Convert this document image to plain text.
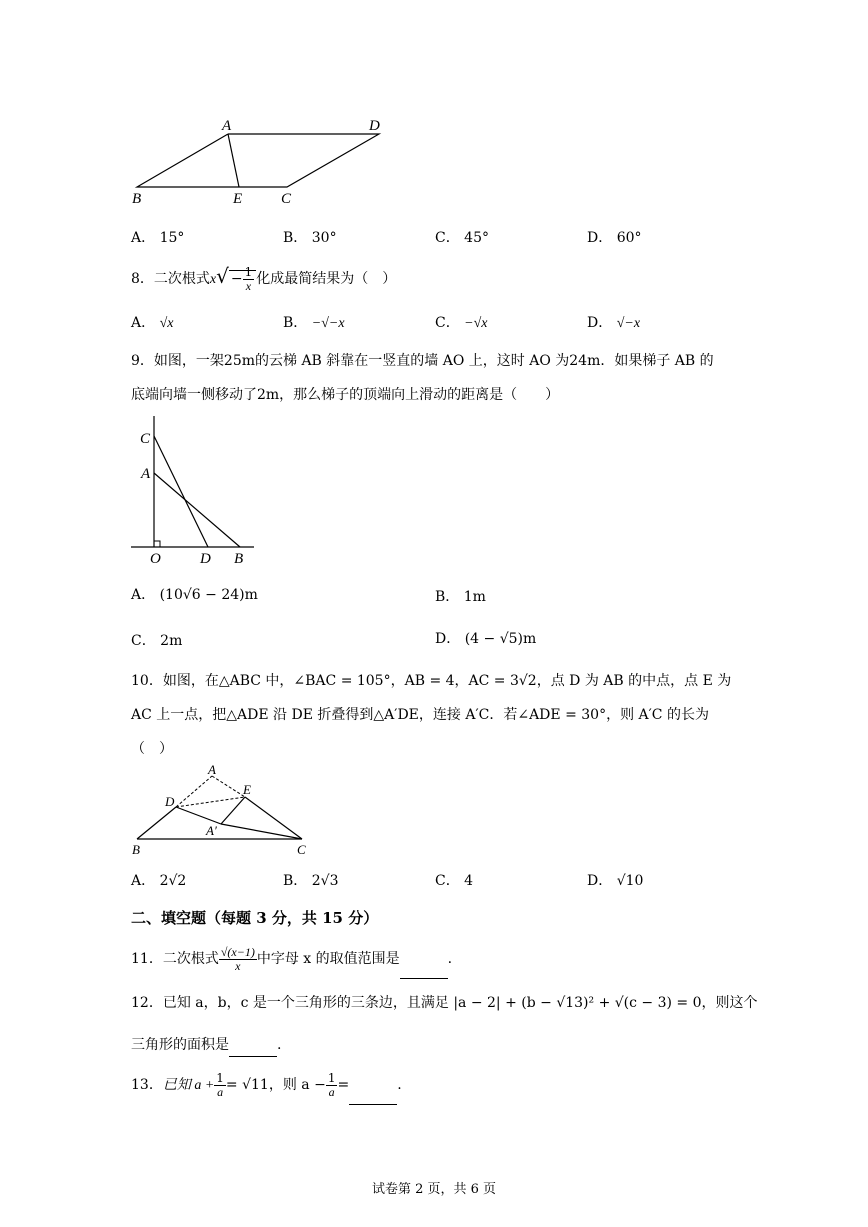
A	D
B	E	C
A． 15°	B． 30°	C． 45°	D． 60°
8．二次根式$x√ - \frac{1}{x}$ 化成最简结果为（　）
A． √x	B． −√−x	C． −√x	D． √−x
9．如图，一架25m的云梯 AB 斜靠在一竖直的墙 AO 上，这时 AO 为24m．如果梯子 AB 的
底端向墙一侧移动了2m，那么梯子的顶端向上滑动的距离是（　　）
C
A
O	D B
A． (10√6 − 24)m	B． 1m
C． 2m	D． (4 − √5)m
10．如图，在△ABC 中，∠BAC = 105°，AB = 4，AC = 3√2，点 D 为 AB 的中点，点 E 为
AC 上一点，把△ADE 沿 DE 折叠得到△A′DE，连接 A′C．若∠ADE = 30°，则 A′C 的长为
（　）
A
E
D
A′
B	C
A． 2√2	B． 2√3	C． 4	D． √10
二、填空题（每题 3 分，共 15 分）
11．二次根式 $\frac{√(x-1)}{x}$ 中字母 x 的取值范围是	.
12．已知 a，b，c 是一个三角形的三条边，且满足 |a − 2| + (b − √13)² + √(c − 3) = 0，则这个
三角形的面积是	.
13．已知 $a + \frac{1}{a} = √11$，则 $a - \frac{1}{a}$ =	.
试卷第 2 页，共 6 页
